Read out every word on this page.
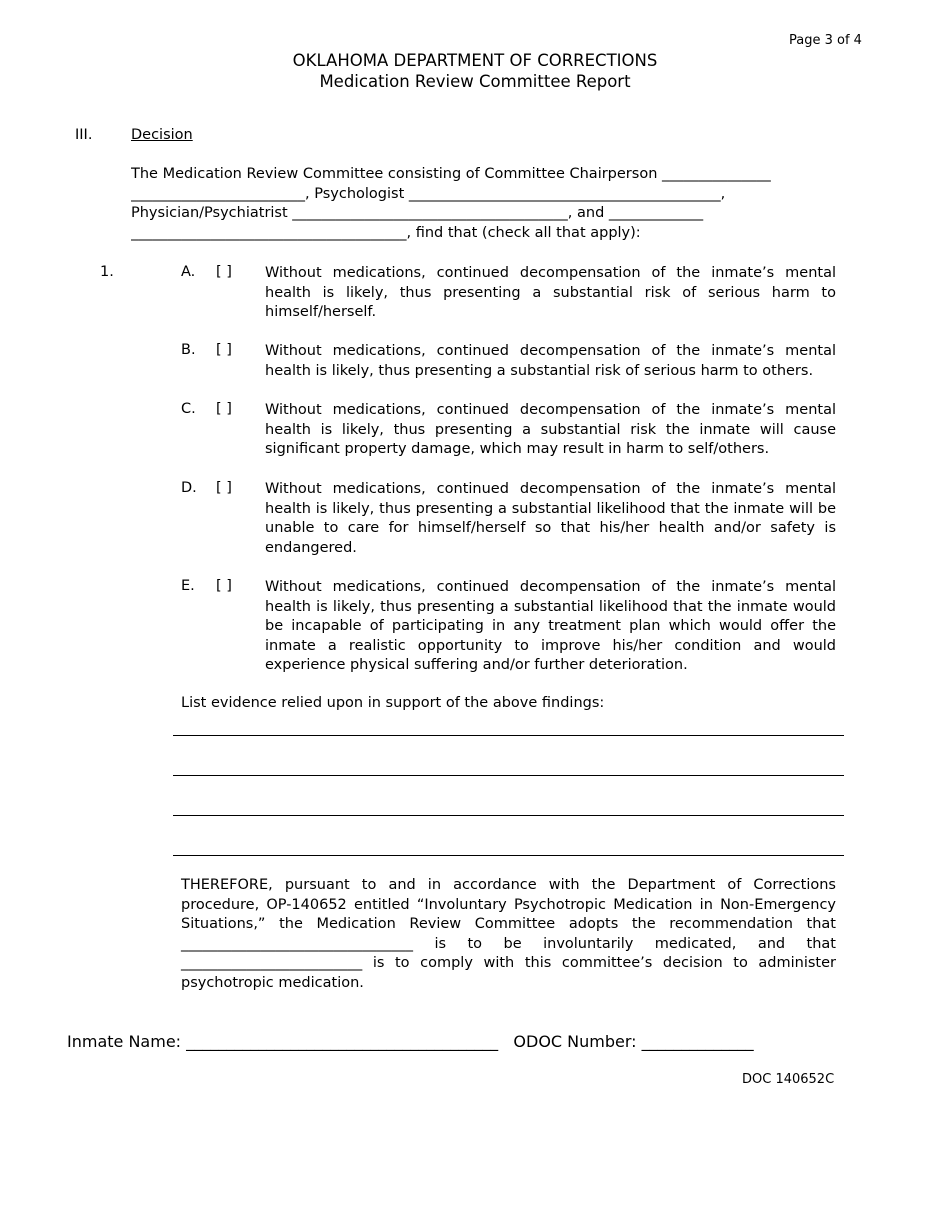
Page 3 of 4
OKLAHOMA DEPARTMENT OF CORRECTIONS
Medication Review Committee Report
III.	Decision
The Medication Review Committee consisting of Committee Chairperson _______________
________________________, Psychologist ___________________________________________,
Physician/Psychiatrist ______________________________________, and _____________
______________________________________, find that (check all that apply):
1.	A. [ ] Without medications, continued decompensation of the inmate’s mental health is likely, thus presenting a substantial risk of serious harm to himself/herself.
B. [ ] Without medications, continued decompensation of the inmate’s mental health is likely, thus presenting a substantial risk of serious harm to others.
C. [ ] Without medications, continued decompensation of the inmate’s mental health is likely, thus presenting a substantial risk the inmate will cause significant property damage, which may result in harm to self/others.
D. [ ] Without medications, continued decompensation of the inmate’s mental health is likely, thus presenting a substantial likelihood that the inmate will be unable to care for himself/herself so that his/her health and/or safety is endangered.
E. [ ] Without medications, continued decompensation of the inmate’s mental health is likely, thus presenting a substantial likelihood that the inmate would be incapable of participating in any treatment plan which would offer the inmate a realistic opportunity to improve his/her condition and would experience physical suffering and/or further deterioration.
List evidence relied upon in support of the above findings:
THEREFORE, pursuant to and in accordance with the Department of Corrections procedure, OP-140652 entitled “Involuntary Psychotropic Medication in Non-Emergency Situations,” the Medication Review Committee adopts the recommendation that ________________________________ is to be involuntarily medicated, and that _________________________ is to comply with this committee’s decision to administer psychotropic medication.
Inmate Name: _______________________________________ ODOC Number: ______________
DOC 140652C
